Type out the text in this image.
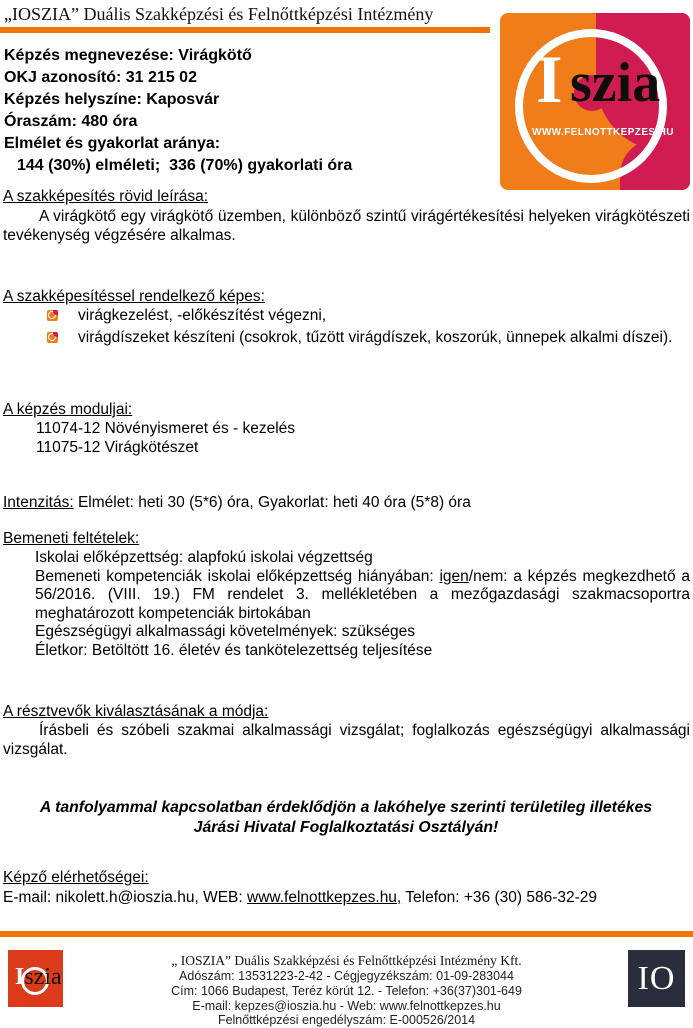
„IOSZIA” Duális Szakképzési és Felnőttképzési Intézmény
I szia
WWW.FELNOTTKEPZES.HU
Képzés megnevezése: Virágkötő
OKJ azonosító: 31 215 02
Képzés helyszíne: Kaposvár
Óraszám: 480 óra
Elmélet és gyakorlat aránya:
144 (30%) elméleti;  336 (70%) gyakorlati óra
A szakképesítés rövid leírása:
A virágkötő egy virágkötő üzemben, különböző szintű virágértékesítési helyeken virágkötészeti tevékenység végzésére alkalmas.
A szakképesítéssel rendelkező képes:
virágkezelést, -előkészítést végezni,
virágdíszeket készíteni (csokrok, tűzött virágdíszek, koszorúk, ünnepek alkalmi díszei).
A képzés moduljai:
11074-12 Növényismeret és - kezelés
11075-12 Virágkötészet
Intenzitás: Elmélet: heti 30 (5*6) óra, Gyakorlat: heti 40 óra (5*8) óra
Bemeneti feltételek:
Iskolai előképzettség: alapfokú iskolai végzettség
Bemeneti kompetenciák iskolai előképzettség hiányában: igen/nem: a képzés megkezdhető a 56/2016. (VIII. 19.) FM rendelet 3. mellékletében a mezőgazdasági szakmacsoportra meghatározott kompetenciák birtokában
Egészségügyi alkalmassági követelmények: szükséges
Életkor: Betöltött 16. életév és tankötelezettség teljesítése
A résztvevők kiválasztásának a módja:
Írásbeli és szóbeli szakmai alkalmassági vizsgálat; foglalkozás egészségügyi alkalmassági vizsgálat.
A tanfolyammal kapcsolatban érdeklődjön a lakóhelye szerinti területileg illetékes
Járási Hivatal Foglalkoztatási Osztályán!
Képző elérhetőségei:
E-mail: nikolett.h@ioszia.hu, WEB: www.felnottkepzes.hu, Telefon: +36 (30) 586-32-29
Iszia
„ IOSZIA” Duális Szakképzési és Felnőttképzési Intézmény Kft.
Adószám: 13531223-2-42 - Cégjegyzékszám: 01-09-283044
Cím: 1066 Budapest, Teréz körút 12. - Telefon: +36(37)301-649
E-mail: kepzes@ioszia.hu - Web: www.felnottkepzes.hu
Felnőttképzési engedélyszám: E-000526/2014
IO
